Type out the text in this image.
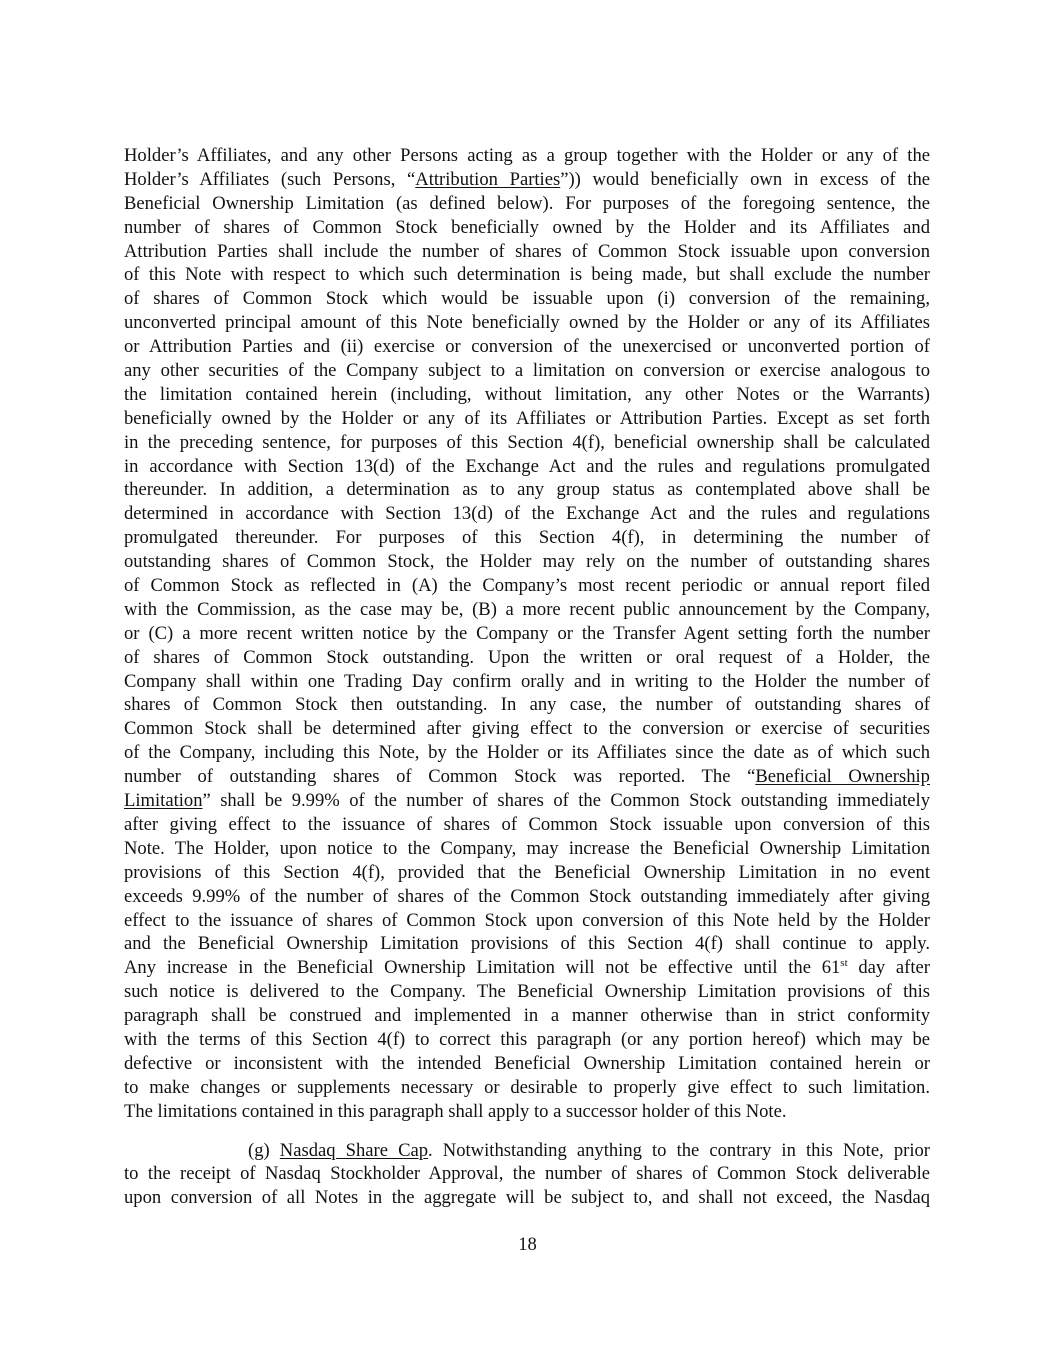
Holder’s Affiliates, and any other Persons acting as a group together with the Holder or any of the
Holder’s Affiliates (such Persons, “Attribution Parties”)) would beneficially own in excess of the
Beneficial Ownership Limitation (as defined below). For purposes of the foregoing sentence, the
number of shares of Common Stock beneficially owned by the Holder and its Affiliates and
Attribution Parties shall include the number of shares of Common Stock issuable upon conversion
of this Note with respect to which such determination is being made, but shall exclude the number
of shares of Common Stock which would be issuable upon (i) conversion of the remaining,
unconverted principal amount of this Note beneficially owned by the Holder or any of its Affiliates
or Attribution Parties and (ii) exercise or conversion of the unexercised or unconverted portion of
any other securities of the Company subject to a limitation on conversion or exercise analogous to
the limitation contained herein (including, without limitation, any other Notes or the Warrants)
beneficially owned by the Holder or any of its Affiliates or Attribution Parties. Except as set forth
in the preceding sentence, for purposes of this Section 4(f), beneficial ownership shall be calculated
in accordance with Section 13(d) of the Exchange Act and the rules and regulations promulgated
thereunder. In addition, a determination as to any group status as contemplated above shall be
determined in accordance with Section 13(d) of the Exchange Act and the rules and regulations
promulgated thereunder. For purposes of this Section 4(f), in determining the number of
outstanding shares of Common Stock, the Holder may rely on the number of outstanding shares
of Common Stock as reflected in (A) the Company’s most recent periodic or annual report filed
with the Commission, as the case may be, (B) a more recent public announcement by the Company,
or (C) a more recent written notice by the Company or the Transfer Agent setting forth the number
of shares of Common Stock outstanding. Upon the written or oral request of a Holder, the
Company shall within one Trading Day confirm orally and in writing to the Holder the number of
shares of Common Stock then outstanding. In any case, the number of outstanding shares of
Common Stock shall be determined after giving effect to the conversion or exercise of securities
of the Company, including this Note, by the Holder or its Affiliates since the date as of which such
number of outstanding shares of Common Stock was reported. The “Beneficial Ownership
Limitation” shall be 9.99% of the number of shares of the Common Stock outstanding immediately
after giving effect to the issuance of shares of Common Stock issuable upon conversion of this
Note. The Holder, upon notice to the Company, may increase the Beneficial Ownership Limitation
provisions of this Section 4(f), provided that the Beneficial Ownership Limitation in no event
exceeds 9.99% of the number of shares of the Common Stock outstanding immediately after giving
effect to the issuance of shares of Common Stock upon conversion of this Note held by the Holder
and the Beneficial Ownership Limitation provisions of this Section 4(f) shall continue to apply.
Any increase in the Beneficial Ownership Limitation will not be effective until the 61st day after
such notice is delivered to the Company. The Beneficial Ownership Limitation provisions of this
paragraph shall be construed and implemented in a manner otherwise than in strict conformity
with the terms of this Section 4(f) to correct this paragraph (or any portion hereof) which may be
defective or inconsistent with the intended Beneficial Ownership Limitation contained herein or
to make changes or supplements necessary or desirable to properly give effect to such limitation.
The limitations contained in this paragraph shall apply to a successor holder of this Note.
(g) Nasdaq Share Cap. Notwithstanding anything to the contrary in this Note, prior
to the receipt of Nasdaq Stockholder Approval, the number of shares of Common Stock deliverable
upon conversion of all Notes in the aggregate will be subject to, and shall not exceed, the Nasdaq
18
